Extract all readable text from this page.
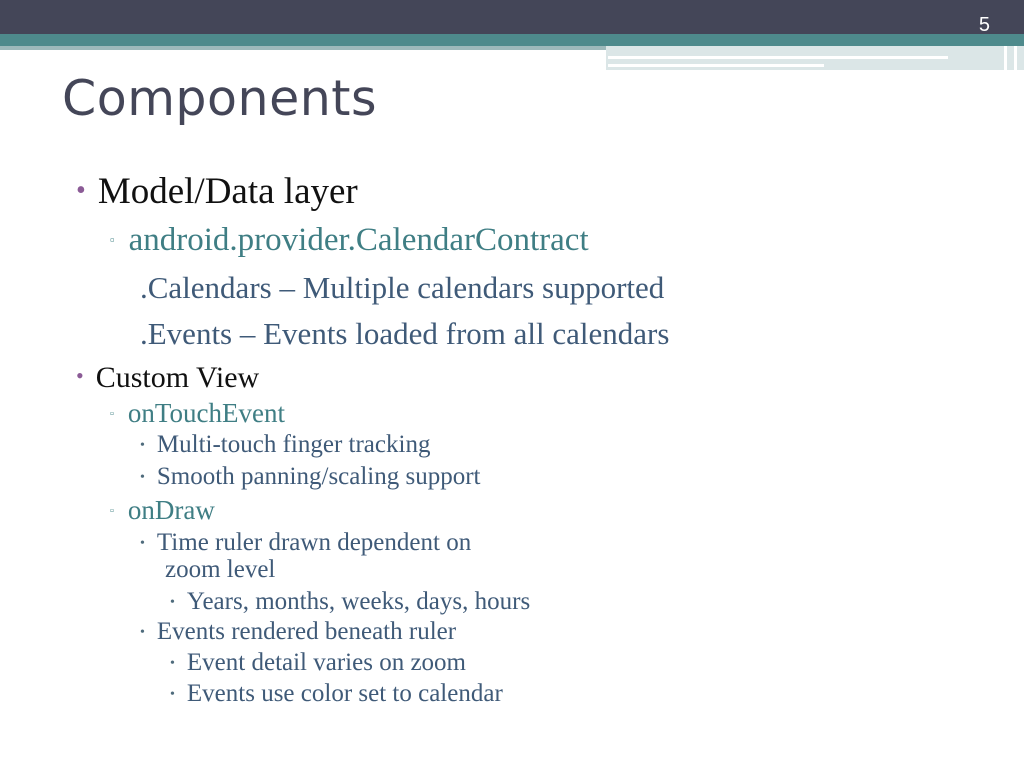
5
Components
• Model/Data layer
▫ android.provider.CalendarContract
.Calendars – Multiple calendars supported
.Events – Events loaded from all calendars
• Custom View
▫ onTouchEvent
• Multi-touch finger tracking
• Smooth panning/scaling support
▫ onDraw
• Time ruler drawn dependent on
zoom level
• Years, months, weeks, days, hours
• Events rendered beneath ruler
• Event detail varies on zoom
• Events use color set to calendar
